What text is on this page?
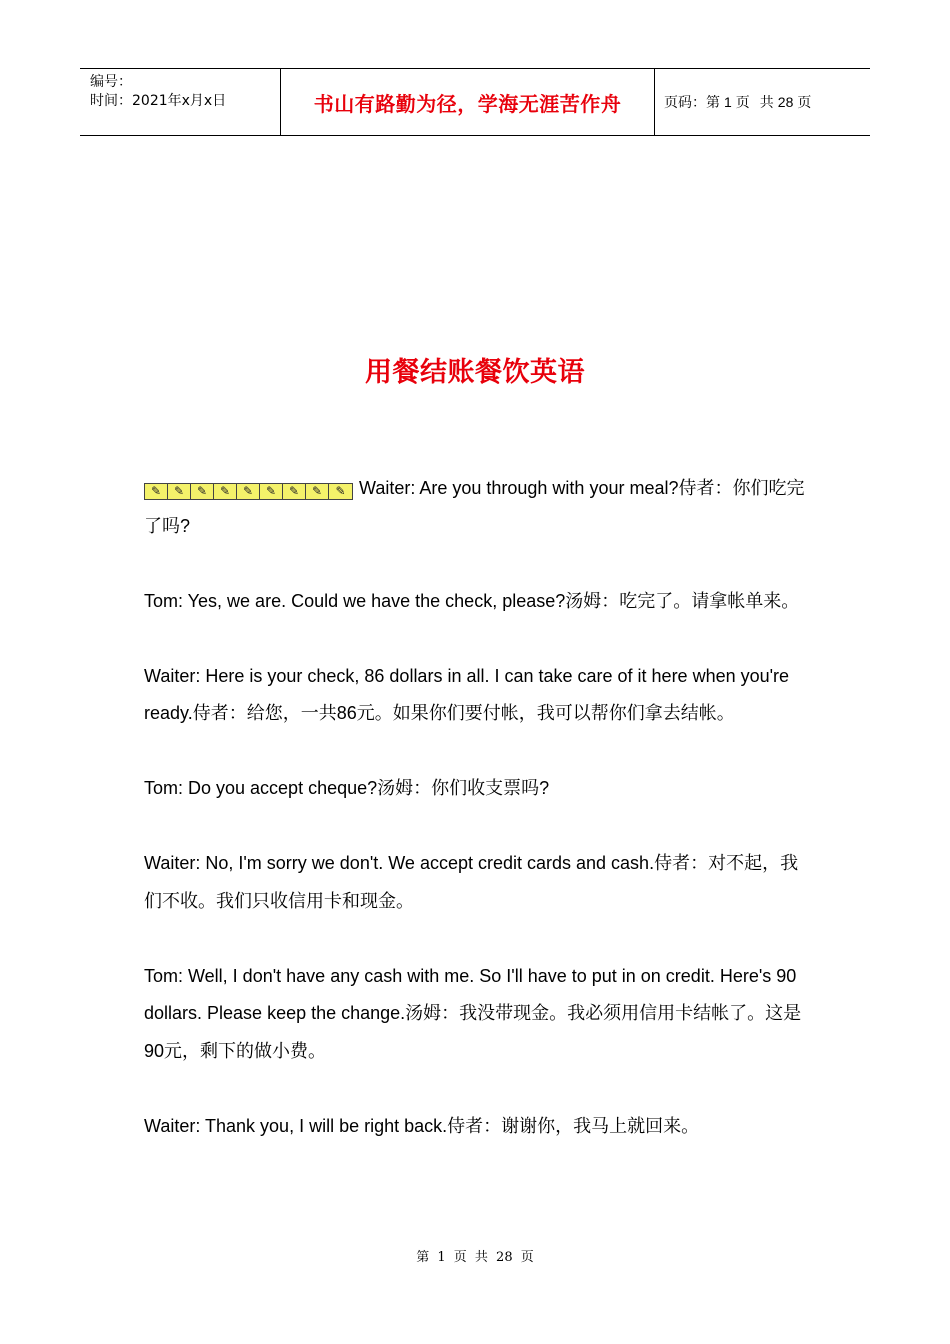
编号：
时间：2021年x月x日	书山有路勤为径，学海无涯苦作舟	页码：第 1 页 共 28 页
用餐结账餐饮英语
✎ ✎ ✎ ✎ ✎ ✎ ✎ ✎ ✎ Waiter: Are you through with your meal?侍者：你们吃完了吗?
Tom: Yes, we are. Could we have the check, please?汤姆：吃完了。请拿帐单来。
Waiter: Here is your check, 86 dollars in all. I can take care of it here when you're ready.侍者：给您，一共86元。如果你们要付帐，我可以帮你们拿去结帐。
Tom: Do you accept cheque?汤姆：你们收支票吗?
Waiter: No, I'm sorry we don't. We accept credit cards and cash.侍者：对不起，我们不收。我们只收信用卡和现金。
Tom: Well, I don't have any cash with me. So I'll have to put in on credit. Here's 90 dollars. Please keep the change.汤姆：我没带现金。我必须用信用卡结帐了。这是90元，剩下的做小费。
Waiter: Thank you, I will be right back.侍者：谢谢你，我马上就回来。
第 1 页 共 28 页
